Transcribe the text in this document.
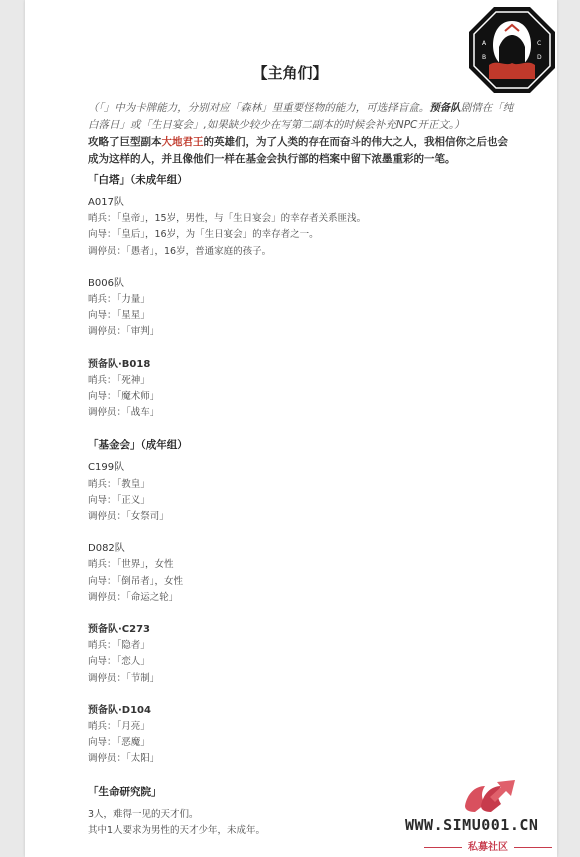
A
B
C
D
【主角们】
（「」中为卡牌能力，分别对应「森林」里重要怪物的能力，可选择盲盒。预备队剧情在「纯白落日」或「生日宴会」,如果缺少较少在写第二副本的时候会补充NPC开正文。）
攻略了巨型副本大地君王的英雄们，为了人类的存在而奋斗的伟大之人，我相信你之后也会成为这样的人，并且像他们一样在基金会执行部的档案中留下浓墨重彩的一笔。
「白塔」（未成年组）
A017队
哨兵：「皇帝」，15岁，男性，与「生日宴会」的幸存者关系匪浅。
向导：「皇后」，16岁，为「生日宴会」的幸存者之一。
调停员：「愚者」，16岁，普通家庭的孩子。
B006队
哨兵：「力量」
向导：「星星」
调停员：「审判」
预备队·B018
哨兵：「死神」
向导：「魔术师」
调停员：「战车」
「基金会」（成年组）
C199队
哨兵：「教皇」
向导：「正义」
调停员：「女祭司」
D082队
哨兵：「世界」，女性
向导：「倒吊者」，女性
调停员：「命运之轮」
预备队·C273
哨兵：「隐者」
向导：「恋人」
调停员：「节制」
预备队·D104
哨兵：「月亮」
向导：「恶魔」
调停员：「太阳」
「生命研究院」
3人，难得一见的天才们。
其中1人要求为男性的天才少年，未成年。	WWW.SIMU001.CN
私募社区
